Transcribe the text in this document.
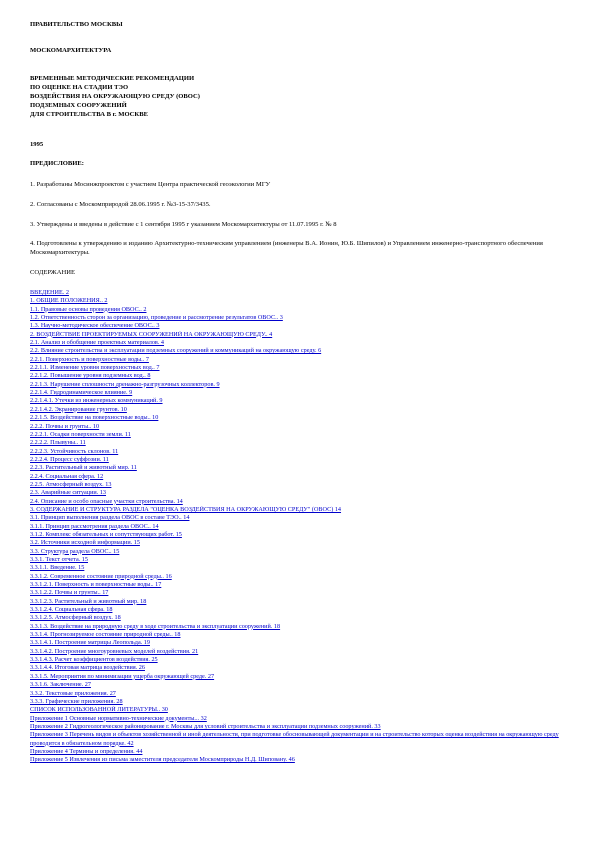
ПРАВИТЕЛЬСТВО МОСКВЫ
МОСКОМАРХИТЕКТУРА
ВРЕМЕННЫЕ МЕТОДИЧЕСКИЕ РЕКОМЕНДАЦИИ
ПО ОЦЕНКЕ НА СТАДИИ ТЭО
ВОЗДЕЙСТВИЯ НА ОКРУЖАЮЩУЮ СРЕДУ (ОВОС)
ПОДЗЕМНЫХ СООРУЖЕНИЙ
ДЛЯ СТРОИТЕЛЬСТВА В г. МОСКВЕ
1995
ПРЕДИСЛОВИЕ:
1. Разработаны Мосинжпроектом с участием Центра практической геоэкологии МГУ
2. Согласованы с Москомприродой 28.06.1995 г. №3-15-37/3435.
3. Утверждены и введены в действие с 1 сентября 1995 г указанием Москомархитектуры от 11.07.1995 г. № 8
4. Подготовлены к утверждению и изданию Архитектурно-техническим управлением (инженеры В.А. Ионин, Ю.Б. Шипилов) и Управлением инженерно-транспортного обеспечения Москомархитектуры.
СОДЕРЖАНИЕ
ВВЕДЕНИЕ. 2
1. ОБЩИЕ ПОЛОЖЕНИЯ.. 2
1.1. Правовые основы проведения ОВОС.. 2
1.2. Ответственность сторон за организацию, проведение и рассмотрение результатов ОВОС.. 3
1.3. Научно-методическое обеспечение ОВОС.. 3
2. ВОЗДЕЙСТВИЕ ПРОЕКТИРУЕМЫХ СООРУЖЕНИЙ НА ОКРУЖАЮЩУЮ СРЕДУ.. 4
2.1. Анализ и обобщение проектных материалов. 4
2.2. Влияние строительства и эксплуатации подземных сооружений и коммуникаций на окружающую среду. 6
2.2.1. Поверхность и поверхностные воды.. 7
2.2.1.1. Изменение уровня поверхностных вод.. 7
2.2.1.2. Повышение уровня подземных вод.. 8
2.2.1.3. Нарушение сплошности дренажно-разгрузочных коллекторов. 9
2.2.1.4. Гидродинамическое влияние. 9
2.2.1.4.1. Утечки из инженерных коммуникаций. 9
2.2.1.4.2. Экранирование грунтов. 10
2.2.1.5. Воздействие на поверхностные воды.. 10
2.2.2. Почвы и грунты.. 10
2.2.2.1. Осадки поверхности земли. 11
2.2.2.2. Плывуны.. 11
2.2.2.3. Устойчивость склонов. 11
2.2.2.4. Процесс суффозии. 11
2.2.3. Растительный и животный мир. 11
2.2.4. Социальная сфера. 12
2.2.5. Атмосферный воздух. 13
2.3. Аварийные ситуации. 13
2.4. Описание и особо опасные участки строительства. 14
3. СОДЕРЖАНИЕ И СТРУКТУРА РАЗДЕЛА "ОЦЕНКА ВОЗДЕЙСТВИЯ НА ОКРУЖАЮЩУЮ СРЕДУ" (ОВОС) 14
3.1. Принцип выполнения раздела ОВОС в составе ТЭО.. 14
3.1.1. Принцип рассмотрения раздела ОВОС.. 14
3.1.2. Комплекс обязательных и сопутствующих работ. 15
3.2. Источники исходной информации. 15
3.3. Структура раздела ОВОС.. 15
3.3.1. Текст отчета. 15
3.3.1.1. Введение. 15
3.3.1.2. Современное состояние природной среды.. 16
3.3.1.2.1. Поверхность и поверхностные воды.. 17
3.3.1.2.2. Почвы и грунты.. 17
3.3.1.2.3. Растительный и животный мир. 18
3.3.1.2.4. Социальная сфера. 18
3.3.1.2.5. Атмосферный воздух. 18
3.3.1.3. Воздействие на природную среду в ходе строительства и эксплуатации сооружений. 18
3.3.1.4. Прогнозируемое состояние природной среды.. 18
3.3.1.4.1. Построение матрицы Леопольда. 19
3.3.1.4.2. Построение многоуровневых моделей воздействия. 21
3.3.1.4.3. Расчет коэффициентов воздействия. 25
3.3.1.4.4. Итоговая матрица воздействия. 26
3.3.1.5. Мероприятия по минимизации ущерба окружающей среде. 27
3.3.1.6. Заключение. 27
3.3.2. Текстовые приложения. 27
3.3.3. Графические приложения. 28
СПИСОК ИСПОЛЬЗОВАННОЙ ЛИТЕРАТУРЫ.. 30
Приложение 1 Основные нормативно-технические документы... 32
Приложение 2 Гидрогеологическое районирование г. Москвы для условий строительства и эксплуатации подземных сооружений. 33
Приложение 3 Перечень видов и объектов хозяйственной и иной деятельности, при подготовке обосновывающей документации и на строительство которых оценка воздействия на окружающую среду проводится в обязательном порядке. 42
Приложение 4 Термины и определения. 44
Приложение 5 Извлечения из письма заместителя председателя Москомприроды Н.Д. Шиповану. 46
